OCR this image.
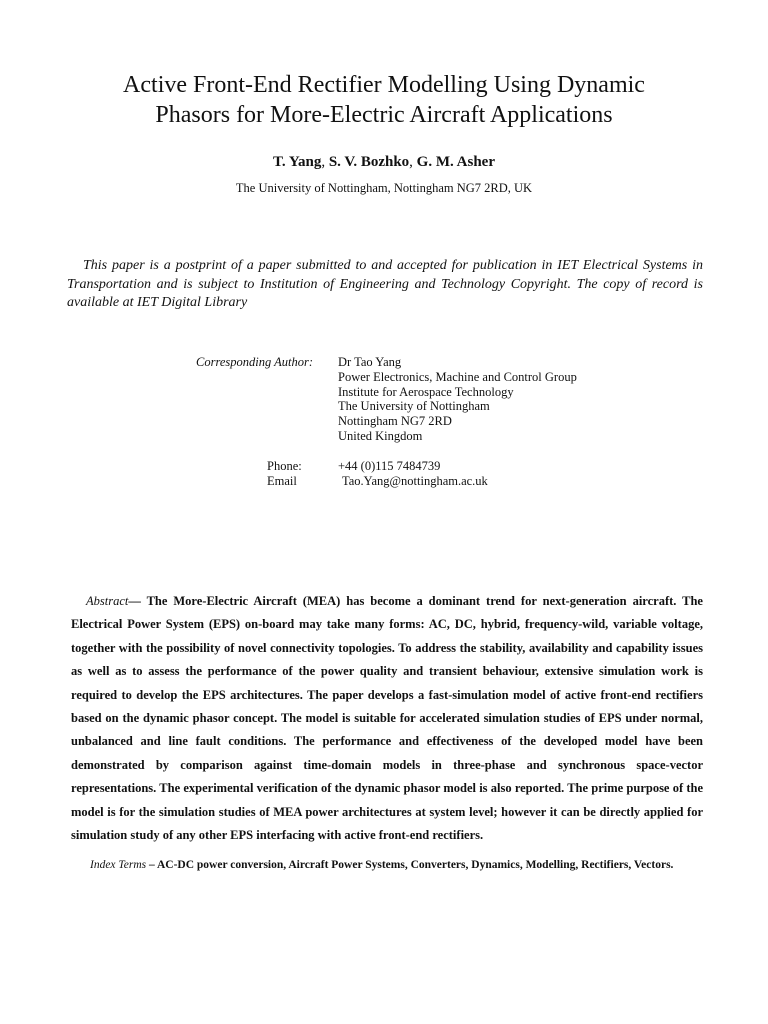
Active Front-End Rectifier Modelling Using Dynamic
Phasors for More-Electric Aircraft Applications
T. Yang, S. V. Bozhko, G. M. Asher
The University of Nottingham, Nottingham NG7 2RD, UK

This paper is a postprint of a paper submitted to and accepted for publication in IET Electrical Systems in Transportation and is subject to Institution of Engineering and Technology Copyright. The copy of record is available at IET Digital Library

Corresponding Author: Dr Tao Yang
Power Electronics, Machine and Control Group
Institute for Aerospace Technology
The University of Nottingham
Nottingham NG7 2RD
United Kingdom
Phone:	+44 (0)115 7484739
Email	Tao.Yang@nottingham.ac.uk

Abstract— The More-Electric Aircraft (MEA) has become a dominant trend for next-generation aircraft. The Electrical Power System (EPS) on-board may take many forms: AC, DC, hybrid, frequency-wild, variable voltage, together with the possibility of novel connectivity topologies. To address the stability, availability and capability issues as well as to assess the performance of the power quality and transient behaviour, extensive simulation work is required to develop the EPS architectures. The paper develops a fast-simulation model of active front-end rectifiers based on the dynamic phasor concept. The model is suitable for accelerated simulation studies of EPS under normal, unbalanced and line fault conditions. The performance and effectiveness of the developed model have been demonstrated by comparison against time-domain models in three-phase and synchronous space-vector representations. The experimental verification of the dynamic phasor model is also reported. The prime purpose of the model is for the simulation studies of MEA power architectures at system level; however it can be directly applied for simulation study of any other EPS interfacing with active front-end rectifiers.

Index Terms – AC-DC power conversion, Aircraft Power Systems, Converters, Dynamics, Modelling, Rectifiers, Vectors.
